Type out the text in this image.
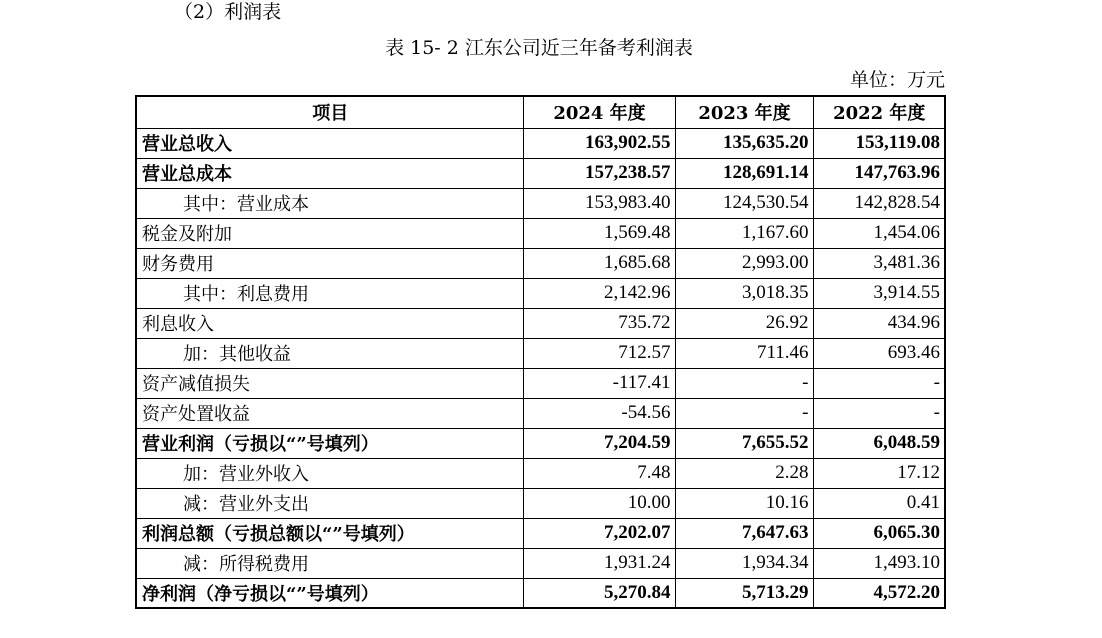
（2）利润表
表 15- 2 江东公司近三年备考利润表
单位：万元
项目	2024 年度	2023 年度	2022 年度
营业总收入	163,902.55	135,635.20	153,119.08
营业总成本	157,238.57	128,691.14	147,763.96
其中：营业成本	153,983.40	124,530.54	142,828.54
税金及附加	1,569.48	1,167.60	1,454.06
财务费用	1,685.68	2,993.00	3,481.36
其中：利息费用	2,142.96	3,018.35	3,914.55
利息收入	735.72	26.92	434.96
加：其他收益	712.57	711.46	693.46
资产减值损失	-117.41	-	-
资产处置收益	-54.56	-	-
营业利润（亏损以“”号填列）	7,204.59	7,655.52	6,048.59
加：营业外收入	7.48	2.28	17.12
减：营业外支出	10.00	10.16	0.41
利润总额（亏损总额以“”号填列）	7,202.07	7,647.63	6,065.30
减：所得税费用	1,931.24	1,934.34	1,493.10
净利润（净亏损以“”号填列）	5,270.84	5,713.29	4,572.20
